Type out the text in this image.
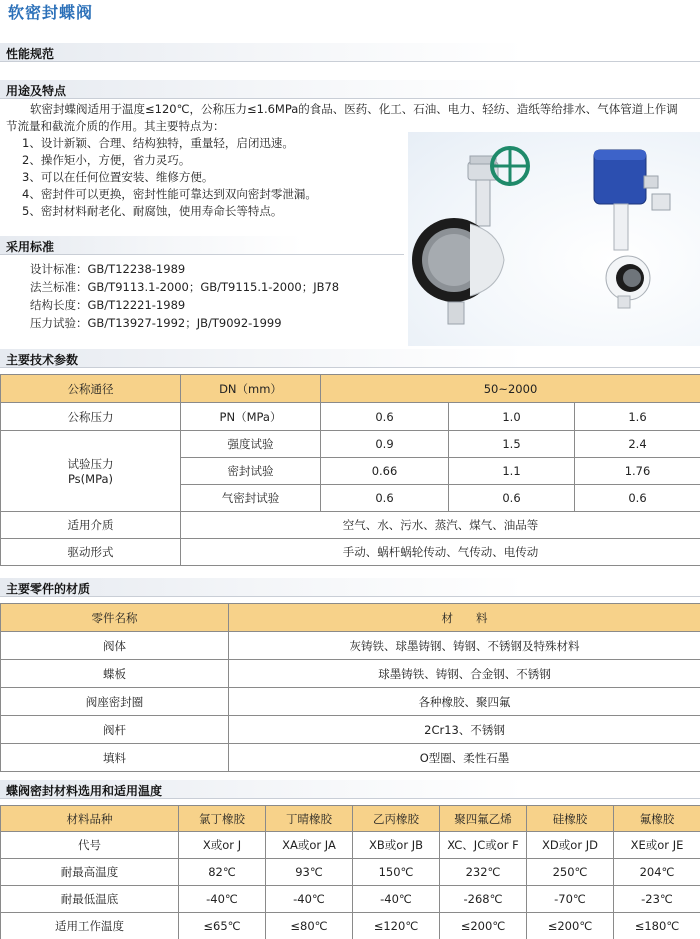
软密封蝶阀
性能规范
用途及特点
软密封蝶阀适用于温度≤120℃，公称压力≤1.6MPa的食品、医药、化工、石油、电力、轻纺、造纸等给排水、气体管道上作调
节流量和截流介质的作用。其主要特点为：
1、设计新颖、合理、结构独特，重量轻，启闭迅速。
2、操作矩小，方便，省力灵巧。
3、可以在任何位置安装、维修方便。
4、密封件可以更换，密封性能可靠达到双向密封零泄漏。
5、密封材料耐老化、耐腐蚀，使用寿命长等特点。
采用标准
设计标准：GB/T12238-1989
法兰标准：GB/T9113.1-2000；GB/T9115.1-2000；JB78
结构长度：GB/T12221-1989
压力试验：GB/T13927-1992；JB/T9092-1999
主要技术参数
公称通径	DN（mm）	50~2000		
公称压力	PN（MPa）	0.6	1.0	1.6

试验压力
Ps(MPa)	强度试验	0.9	1.5	2.4
	密封试验	0.66	1.1	1.76
	气密封试验	0.6	0.6	0.6
适用介质	空气、水、污水、蒸汽、煤气、油品等			
驱动形式	手动、蜗杆蜗轮传动、气传动、电传动			
主要零件的材质
零件名称	材　　料
阀体	灰铸铁、球墨铸钢、铸钢、不锈钢及特殊材料
蝶板	球墨铸铁、铸钢、合金钢、不锈钢
阀座密封圈	各种橡胶、聚四氟
阀杆	2Cr13、不锈钢
填料	O型圈、柔性石墨
蝶阀密封材料选用和适用温度
材料品种	氯丁橡胶	丁晴橡胶	乙丙橡胶	聚四氟乙烯	硅橡胶	氟橡胶
代号	X或or J	XA或or JA	XB或or JB	XC、JC或or F	XD或or JD	XE或or JE
耐最高温度	82℃	93℃	150℃	232℃	250℃	204℃
耐最低温底	-40℃	-40℃	-40℃	-268℃	-70℃	-23℃
适用工作温度	≤65℃	≤80℃	≤120℃	≤200℃	≤200℃	≤180℃
